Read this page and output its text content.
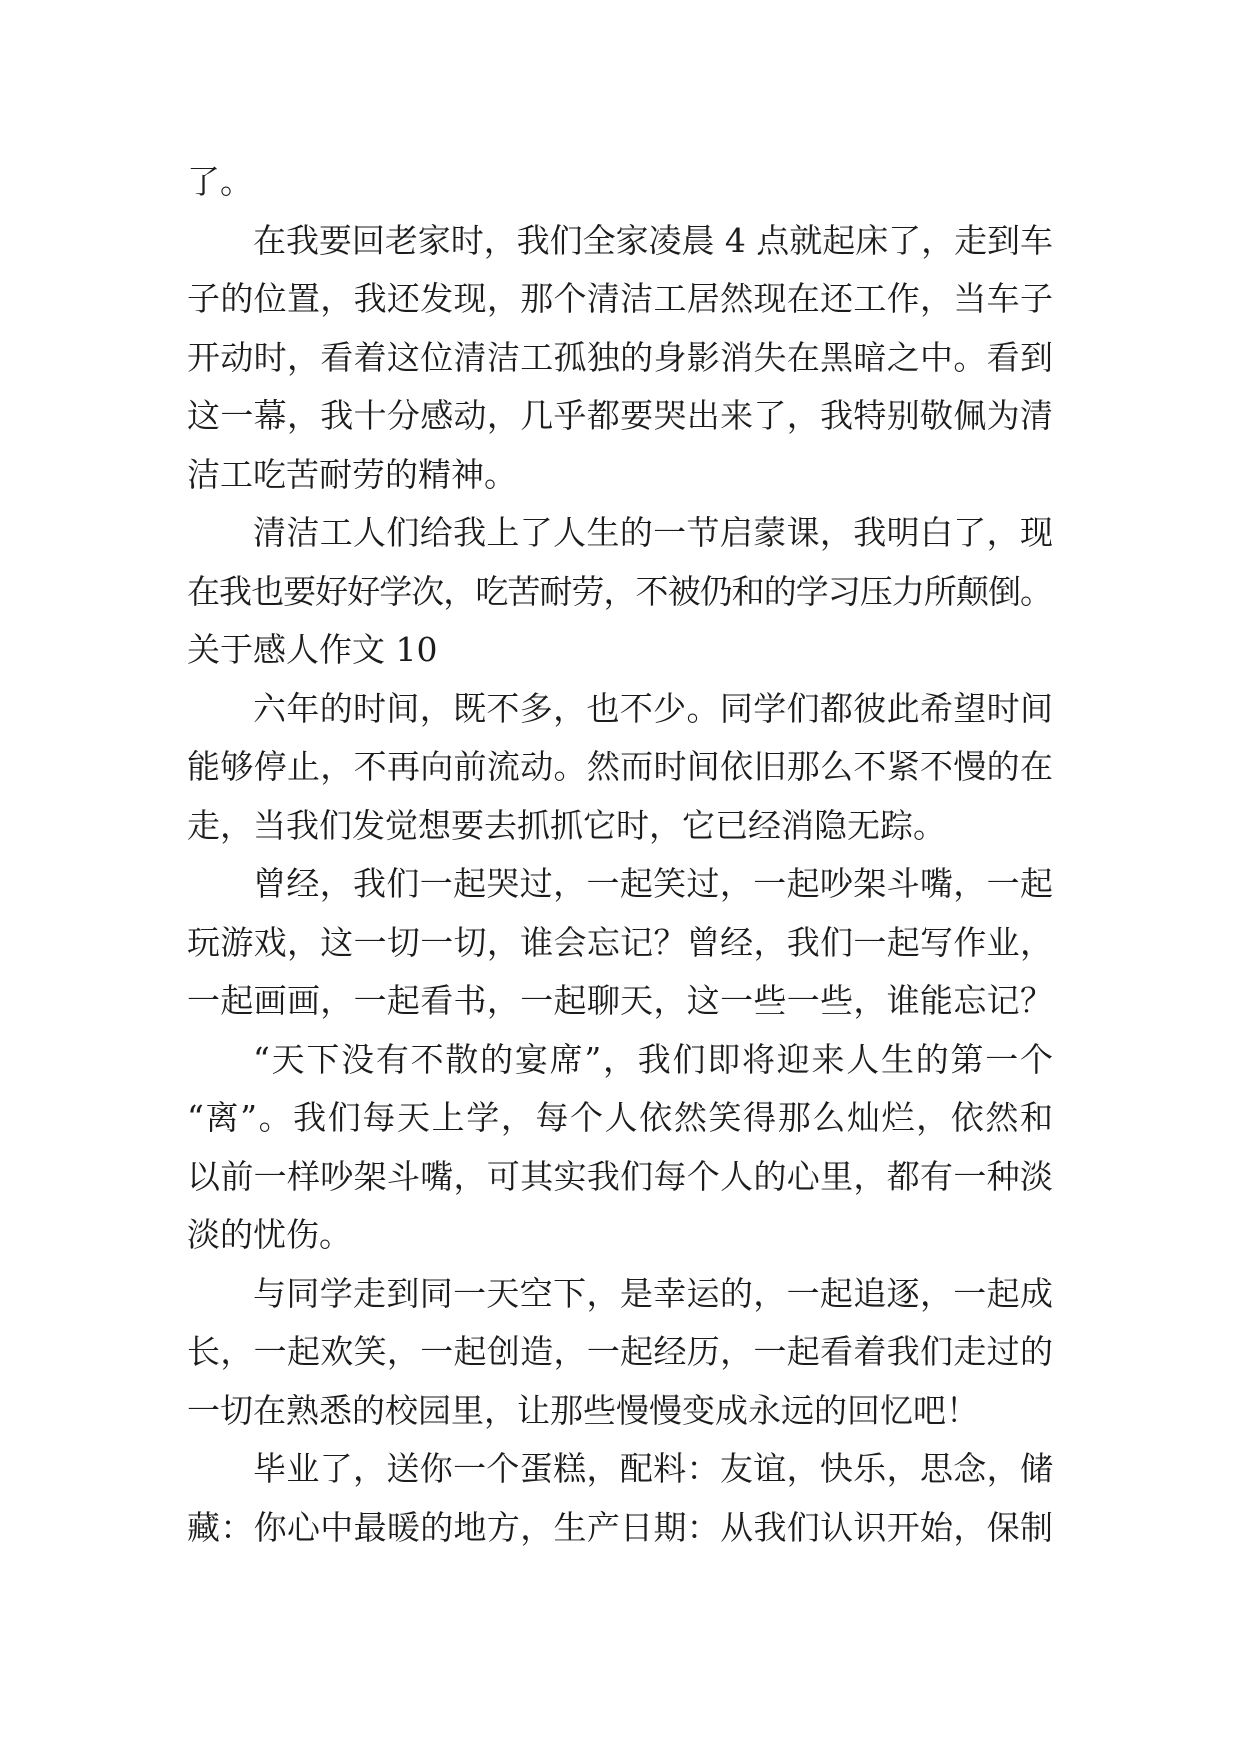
了。
在我要回老家时，我们全家凌晨 4 点就起床了，走到车
子的位置，我还发现，那个清洁工居然现在还工作，当车子
开动时，看着这位清洁工孤独的身影消失在黑暗之中。看到
这一幕，我十分感动，几乎都要哭出来了，我特别敬佩为清
洁工吃苦耐劳的精神。
清洁工人们给我上了人生的一节启蒙课，我明白了，现
在我也要好好学次，吃苦耐劳，不被仍和的学习压力所颠倒。
关于感人作文 10
六年的时间，既不多，也不少。同学们都彼此希望时间
能够停止，不再向前流动。然而时间依旧那么不紧不慢的在
走，当我们发觉想要去抓抓它时，它已经消隐无踪。
曾经，我们一起哭过，一起笑过，一起吵架斗嘴，一起
玩游戏，这一切一切，谁会忘记？曾经，我们一起写作业，
一起画画，一起看书，一起聊天，这一些一些，谁能忘记？
“天下没有不散的宴席”，我们即将迎来人生的第一个
“离”。我们每天上学，每个人依然笑得那么灿烂，依然和
以前一样吵架斗嘴，可其实我们每个人的心里，都有一种淡
淡的忧伤。
与同学走到同一天空下，是幸运的，一起追逐，一起成
长，一起欢笑，一起创造，一起经历，一起看着我们走过的
一切在熟悉的校园里，让那些慢慢变成永远的回忆吧！
毕业了，送你一个蛋糕，配料：友谊，快乐，思念，储
藏：你心中最暖的地方，生产日期：从我们认识开始，保制
